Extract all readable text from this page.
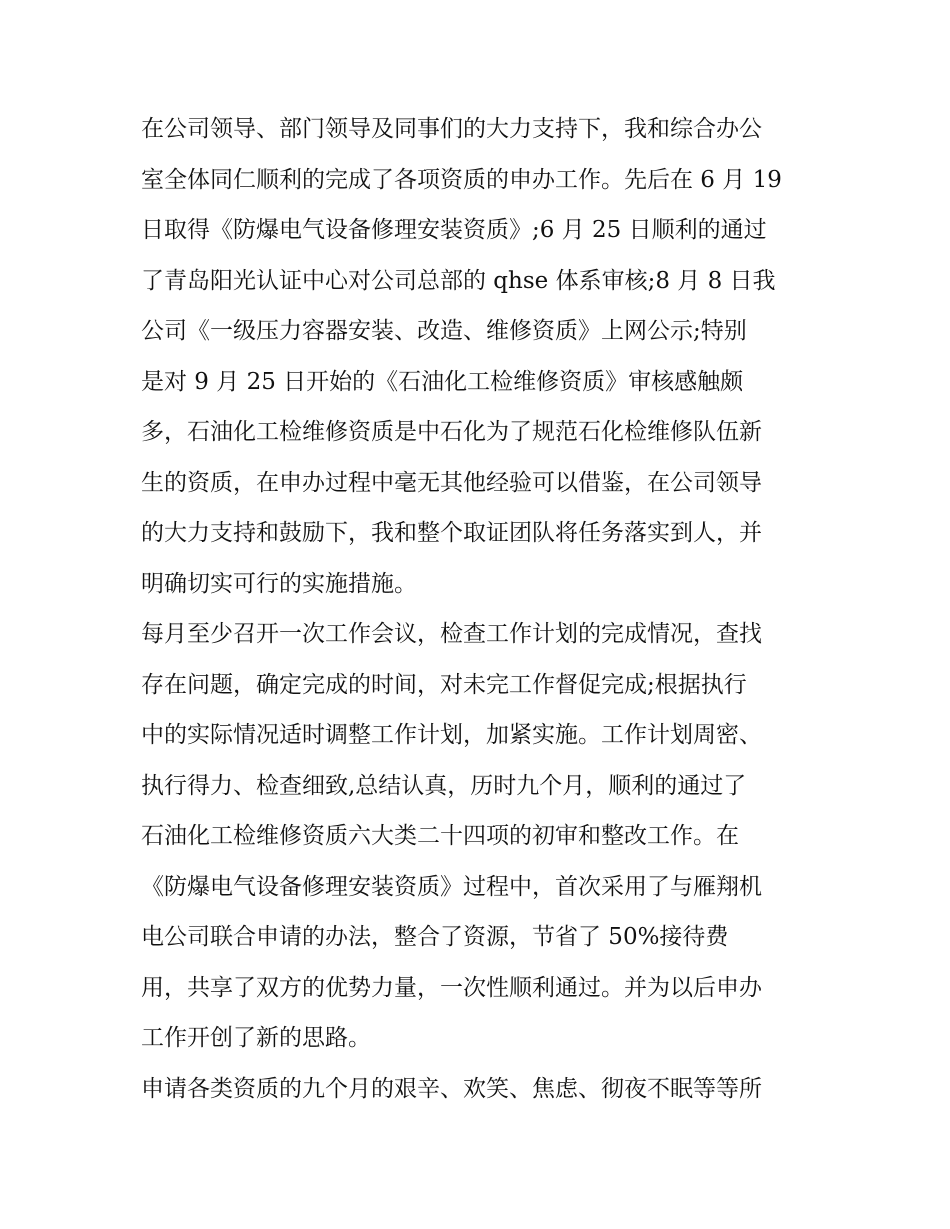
在公司领导、部门领导及同事们的大力支持下，我和综合办公
室全体同仁顺利的完成了各项资质的申办工作。先后在 6 月 19
日取得《防爆电气设备修理安装资质》;6 月 25 日顺利的通过
了青岛阳光认证中心对公司总部的 qhse 体系审核;8 月 8 日我
公司《一级压力容器安装、改造、维修资质》上网公示;特别
是对 9 月 25 日开始的《石油化工检维修资质》审核感触颇
多，石油化工检维修资质是中石化为了规范石化检维修队伍新
生的资质，在申办过程中毫无其他经验可以借鉴，在公司领导
的大力支持和鼓励下，我和整个取证团队将任务落实到人，并
明确切实可行的实施措施。
每月至少召开一次工作会议，检查工作计划的完成情况，查找
存在问题，确定完成的时间，对未完工作督促完成;根据执行
中的实际情况适时调整工作计划，加紧实施。工作计划周密、
执行得力、检查细致,总结认真，历时九个月，顺利的通过了
石油化工检维修资质六大类二十四项的初审和整改工作。在
《防爆电气设备修理安装资质》过程中，首次采用了与雁翔机
电公司联合申请的办法，整合了资源，节省了 50%接待费
用，共享了双方的优势力量，一次性顺利通过。并为以后申办
工作开创了新的思路。
申请各类资质的九个月的艰辛、欢笑、焦虑、彻夜不眠等等所
